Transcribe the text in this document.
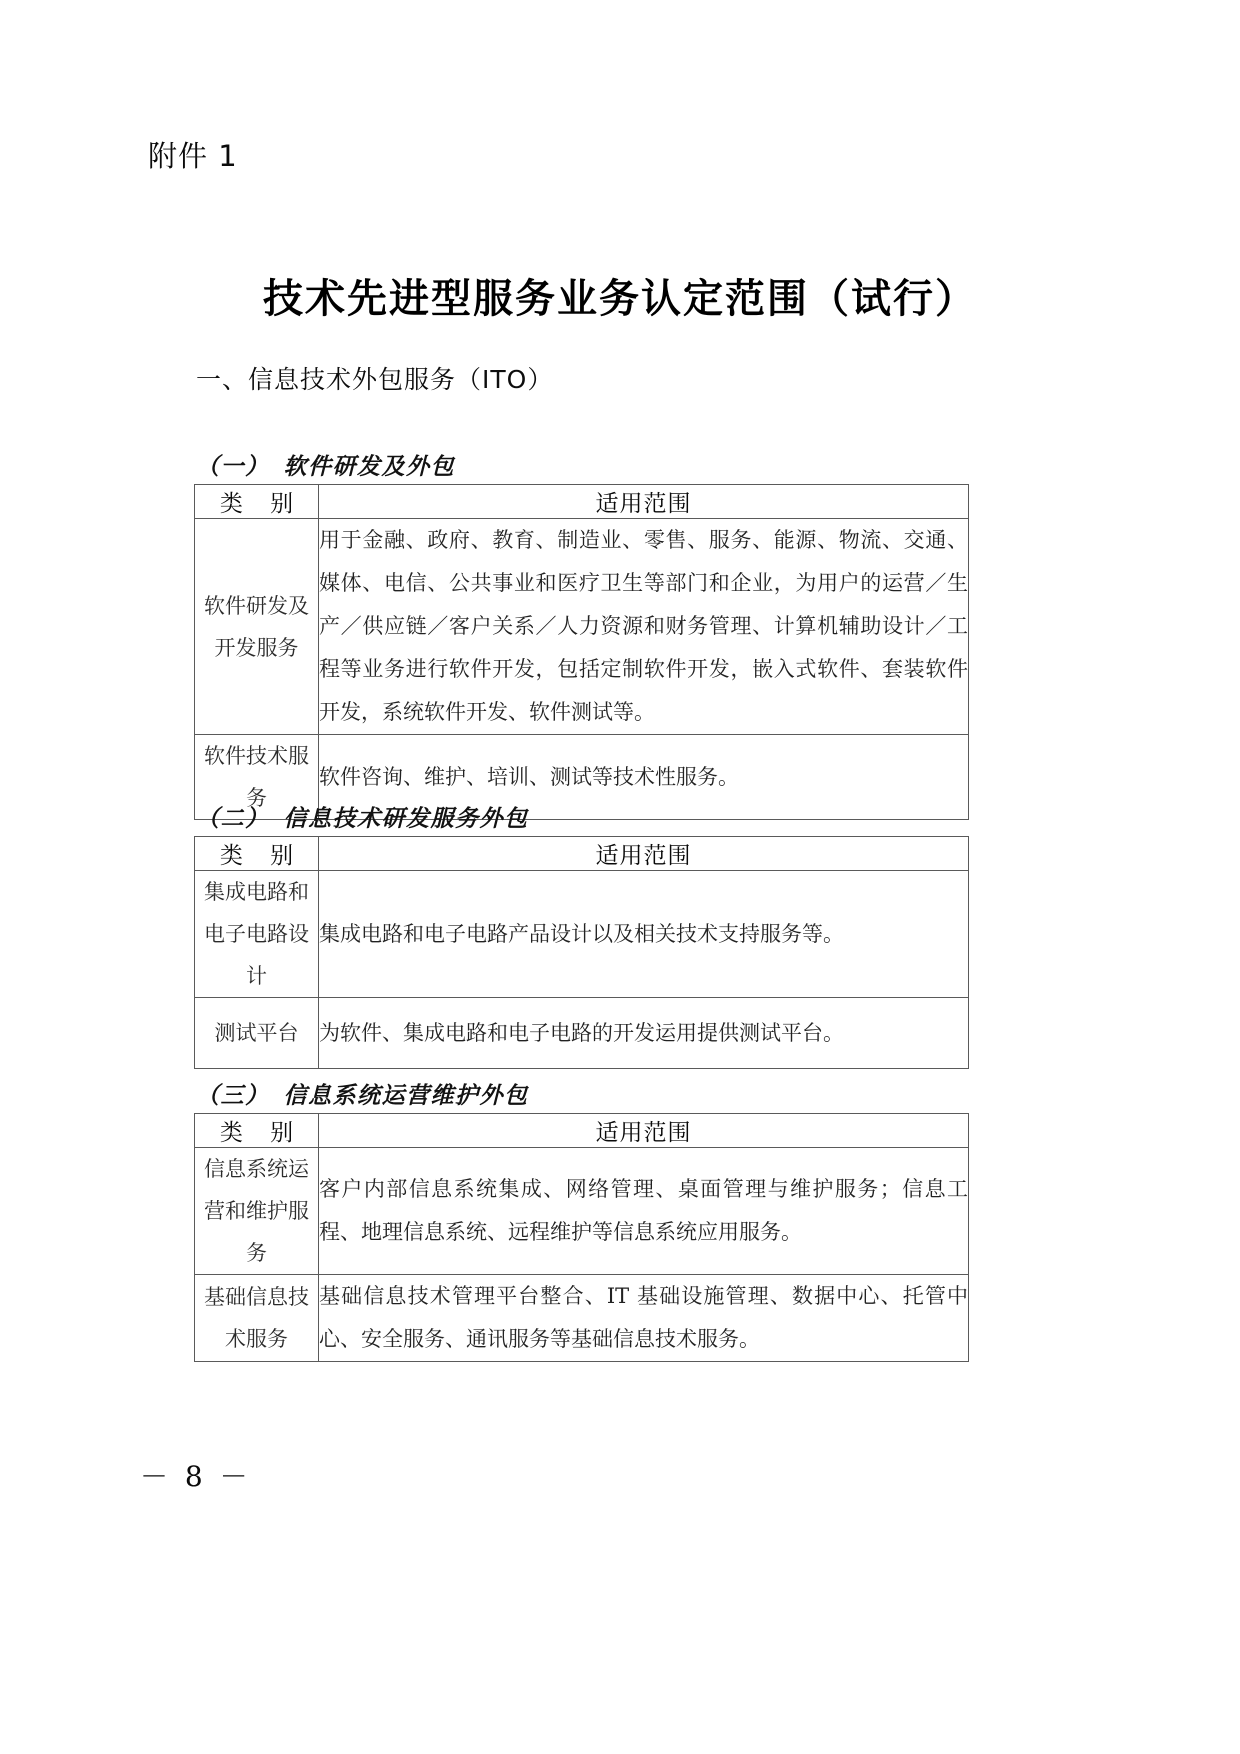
附件 1
技术先进型服务业务认定范围（试行）
一、信息技术外包服务（ITO）
（一） 软件研发及外包
类 别	适用范围
软件研发及开发服务	用于金融、政府、教育、制造业、零售、服务、能源、物流、交通、媒体、电信、公共事业和医疗卫生等部门和企业，为用户的运营／生产／供应链／客户关系／人力资源和财务管理、计算机辅助设计／工程等业务进行软件开发，包括定制软件开发，嵌入式软件、套装软件开发，系统软件开发、软件测试等。
软件技术服务	软件咨询、维护、培训、测试等技术性服务。
（二） 信息技术研发服务外包
类 别	适用范围
集成电路和电子电路设计	集成电路和电子电路产品设计以及相关技术支持服务等。
测试平台	为软件、集成电路和电子电路的开发运用提供测试平台。
（三） 信息系统运营维护外包
类 别	适用范围
信息系统运营和维护服务	客户内部信息系统集成、网络管理、桌面管理与维护服务；信息工程、地理信息系统、远程维护等信息系统应用服务。
基础信息技术服务	基础信息技术管理平台整合、IT 基础设施管理、数据中心、托管中心、安全服务、通讯服务等基础信息技术服务。
－ 8 －
